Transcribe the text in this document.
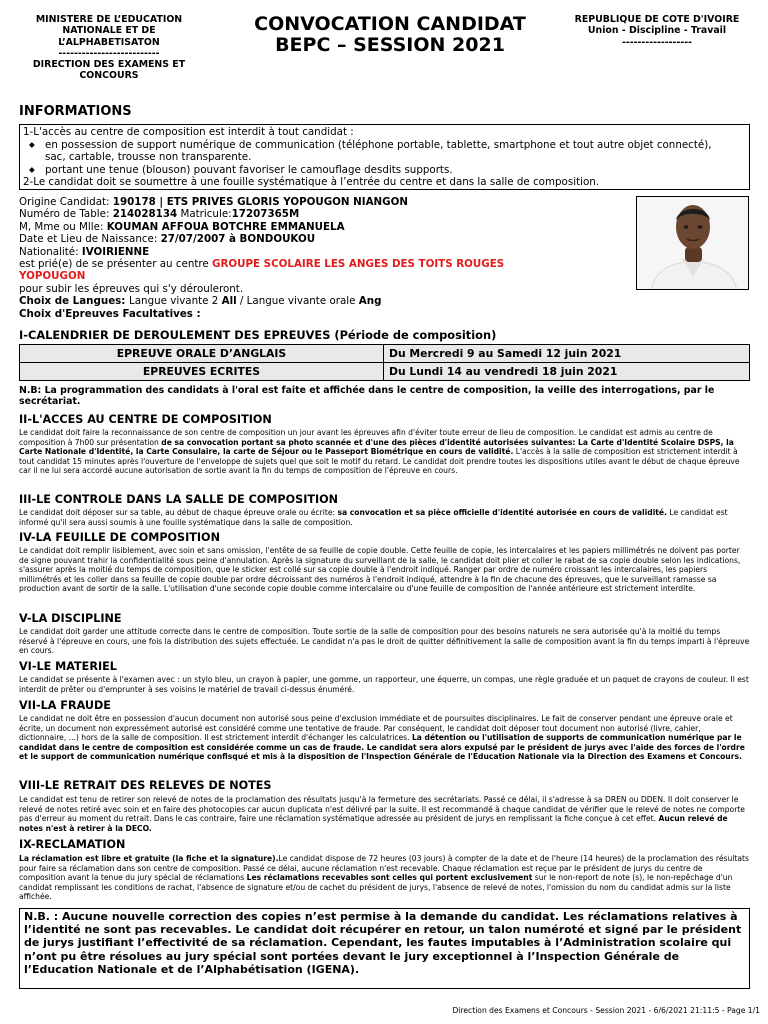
MINISTERE DE L’EDUCATION
NATIONALE ET DE
L’ALPHABETISATON
--------------------------
DIRECTION DES EXAMENS ET
CONCOURS
CONVOCATION CANDIDAT
BEPC – SESSION 2021
REPUBLIQUE DE COTE D'IVOIRE
Union - Discipline - Travail
------------------
INFORMATIONS
1-L'accès au centre de composition est interdit à tout candidat :
◆ en possession de support numérique de communication (téléphone portable, tablette, smartphone et tout autre objet connecté),
sac, cartable, trousse non transparente.
◆ portant une tenue (blouson) pouvant favoriser le camouflage desdits supports.
2-Le candidat doit se soumettre à une fouille systématique à l’entrée du centre et dans la salle de composition.
Origine Candidat: 190178 | ETS PRIVES GLORIS YOPOUGON NIANGON
Numéro de Table: 214028134 Matricule:17207365M
M, Mme ou Mlle: KOUMAN AFFOUA BOTCHRE EMMANUELA
Date et Lieu de Naissance: 27/07/2007 à BONDOUKOU
Nationalité: IVOIRIENNE
est prié(e) de se présenter au centre GROUPE SCOLAIRE LES ANGES DES TOITS ROUGES
YOPOUGON
pour subir les épreuves qui s'y dérouleront.
Choix de Langues: Langue vivante 2 All / Langue vivante orale Ang
Choix d'Epreuves Facultatives :
I-CALENDRIER DE DEROULEMENT DES EPREUVES (Période de composition)
EPREUVE ORALE D’ANGLAIS	Du Mercredi 9 au Samedi 12 juin 2021
EPREUVES ECRITES	Du Lundi 14 au vendredi 18 juin 2021
N.B: La programmation des candidats à l'oral est faite et affichée dans le centre de composition, la veille des interrogations, par le secrétariat.
II-L'ACCES AU CENTRE DE COMPOSITION
Le candidat doit faire la reconnaissance de son centre de composition un jour avant les épreuves afin d'éviter toute erreur de lieu de composition. Le candidat est admis au centre de composition à 7h00 sur présentation de sa convocation portant sa photo scannée et d'une des pièces d'identité autorisées suivantes: La Carte d'Identité Scolaire DSPS, la Carte Nationale d'Identité, la Carte Consulaire, la carte de Séjour ou le Passeport Biométrique en cours de validité. L'accès à la salle de composition est strictement interdit à tout candidat 15 minutes après l'ouverture de l'enveloppe de sujets quel que soit le motif du retard. Le candidat doit prendre toutes les dispositions utiles avant le début de chaque épreuve car il ne lui sera accordé aucune autorisation de sortie avant la fin du temps de composition de l'épreuve en cours.
III-LE CONTROLE DANS LA SALLE DE COMPOSITION
Le candidat doit déposer sur sa table, au début de chaque épreuve orale ou écrite: sa convocation et sa pièce officielle d'identité autorisée en cours de validité. Le candidat est informé qu'il sera aussi soumis à une fouille systématique dans la salle de composition.
IV-LA FEUILLE DE COMPOSITION
Le candidat doit remplir lisiblement, avec soin et sans omission, l'entête de sa feuille de copie double. Cette feuille de copie, les intercalaires et les papiers millimétrés ne doivent pas porter de signe pouvant trahir la confidentialité sous peine d'annulation. Après la signature du surveillant de la salle, le candidat doit plier et coller le rabat de sa copie double selon les indications, s'assurer après la moitié du temps de composition, que le sticker est collé sur sa copie double à l'endroit indiqué. Ranger par ordre de numéro croissant les intercalaires, les papiers millimétrés et les coller dans sa feuille de copie double par ordre décroissant des numéros à l'endroit indiqué, attendre à la fin de chacune des épreuves, que le surveillant ramasse sa production avant de sortir de la salle. L'utilisation d'une seconde copie double comme intercalaire ou d'une feuille de composition de l'année antérieure est strictement interdite.
V-LA DISCIPLINE
Le candidat doit garder une attitude correcte dans le centre de composition. Toute sortie de la salle de composition pour des besoins naturels ne sera autorisée qu'à la moitié du temps réservé à l'épreuve en cours, une fois la distribution des sujets effectuée. Le candidat n'a pas le droit de quitter définitivement la salle de composition avant la fin du temps imparti à l'épreuve en cours.
VI-LE MATERIEL
Le candidat se présente à l'examen avec : un stylo bleu, un crayon à papier, une gomme, un rapporteur, une équerre, un compas, une règle graduée et un paquet de crayons de couleur. Il est interdit de prêter ou d'emprunter à ses voisins le matériel de travail ci-dessus énuméré.
VII-LA FRAUDE
Le candidat ne doit être en possession d'aucun document non autorisé sous peine d'exclusion immédiate et de poursuites disciplinaires. Le fait de conserver pendant une épreuve orale et écrite, un document non expressément autorisé est considéré comme une tentative de fraude. Par conséquent, le candidat doit déposer tout document non autorisé (livre, cahier, dictionnaire, ...) hors de la salle de composition. Il est strictement interdit d'échanger les calculatrices. La détention ou l'utilisation de supports de communication numérique par le candidat dans le centre de composition est considérée comme un cas de fraude. Le candidat sera alors expulsé par le président de jurys avec l'aide des forces de l'ordre et le support de communication numérique confisqué et mis à la disposition de l'Inspection Générale de l'Education Nationale via la Direction des Examens et Concours.
VIII-LE RETRAIT DES RELEVES DE NOTES
Le candidat est tenu de retirer son relevé de notes de la proclamation des résultats jusqu'à la fermeture des secrétariats. Passé ce délai, il s'adresse à sa DREN ou DDEN. Il doit conserver le relevé de notes retiré avec soin et en faire des photocopies car aucun duplicata n'est délivré par la suite. Il est recommandé à chaque candidat de vérifier que le relevé de notes ne comporte pas d'erreur au moment du retrait. Dans le cas contraire, faire une réclamation systématique adressée au président de jurys en remplissant la fiche conçue à cet effet. Aucun relevé de notes n'est à retirer à la DECO.
IX-RECLAMATION
La réclamation est libre et gratuite (la fiche et la signature).Le candidat dispose de 72 heures (03 jours) à compter de la date et de l'heure (14 heures) de la proclamation des résultats pour faire sa réclamation dans son centre de composition. Passé ce délai, aucune réclamation n'est recevable. Chaque réclamation est reçue par le président de jurys du centre de composition avant la tenue du jury spécial de réclamations Les réclamations recevables sont celles qui portent exclusivement sur le non-report de note (s), le non-repêchage d'un candidat remplissant les conditions de rachat, l'absence de signature et/ou de cachet du président de jurys, l'absence de relevé de notes, l'omission du nom du candidat admis sur la liste affichée.
N.B. : Aucune nouvelle correction des copies n’est permise à la demande du candidat. Les réclamations relatives à l’identité ne sont pas recevables. Le candidat doit récupérer en retour, un talon numéroté et signé par le président de jurys justifiant l’effectivité de sa réclamation. Cependant, les fautes imputables à l’Administration scolaire qui n’ont pu être résolues au jury spécial sont portées devant le jury exceptionnel à l’Inspection Générale de l’Education Nationale et de l’Alphabétisation (IGENA).
Direction des Examens et Concours - Session 2021 - 6/6/2021 21:11:5 - Page 1/1
